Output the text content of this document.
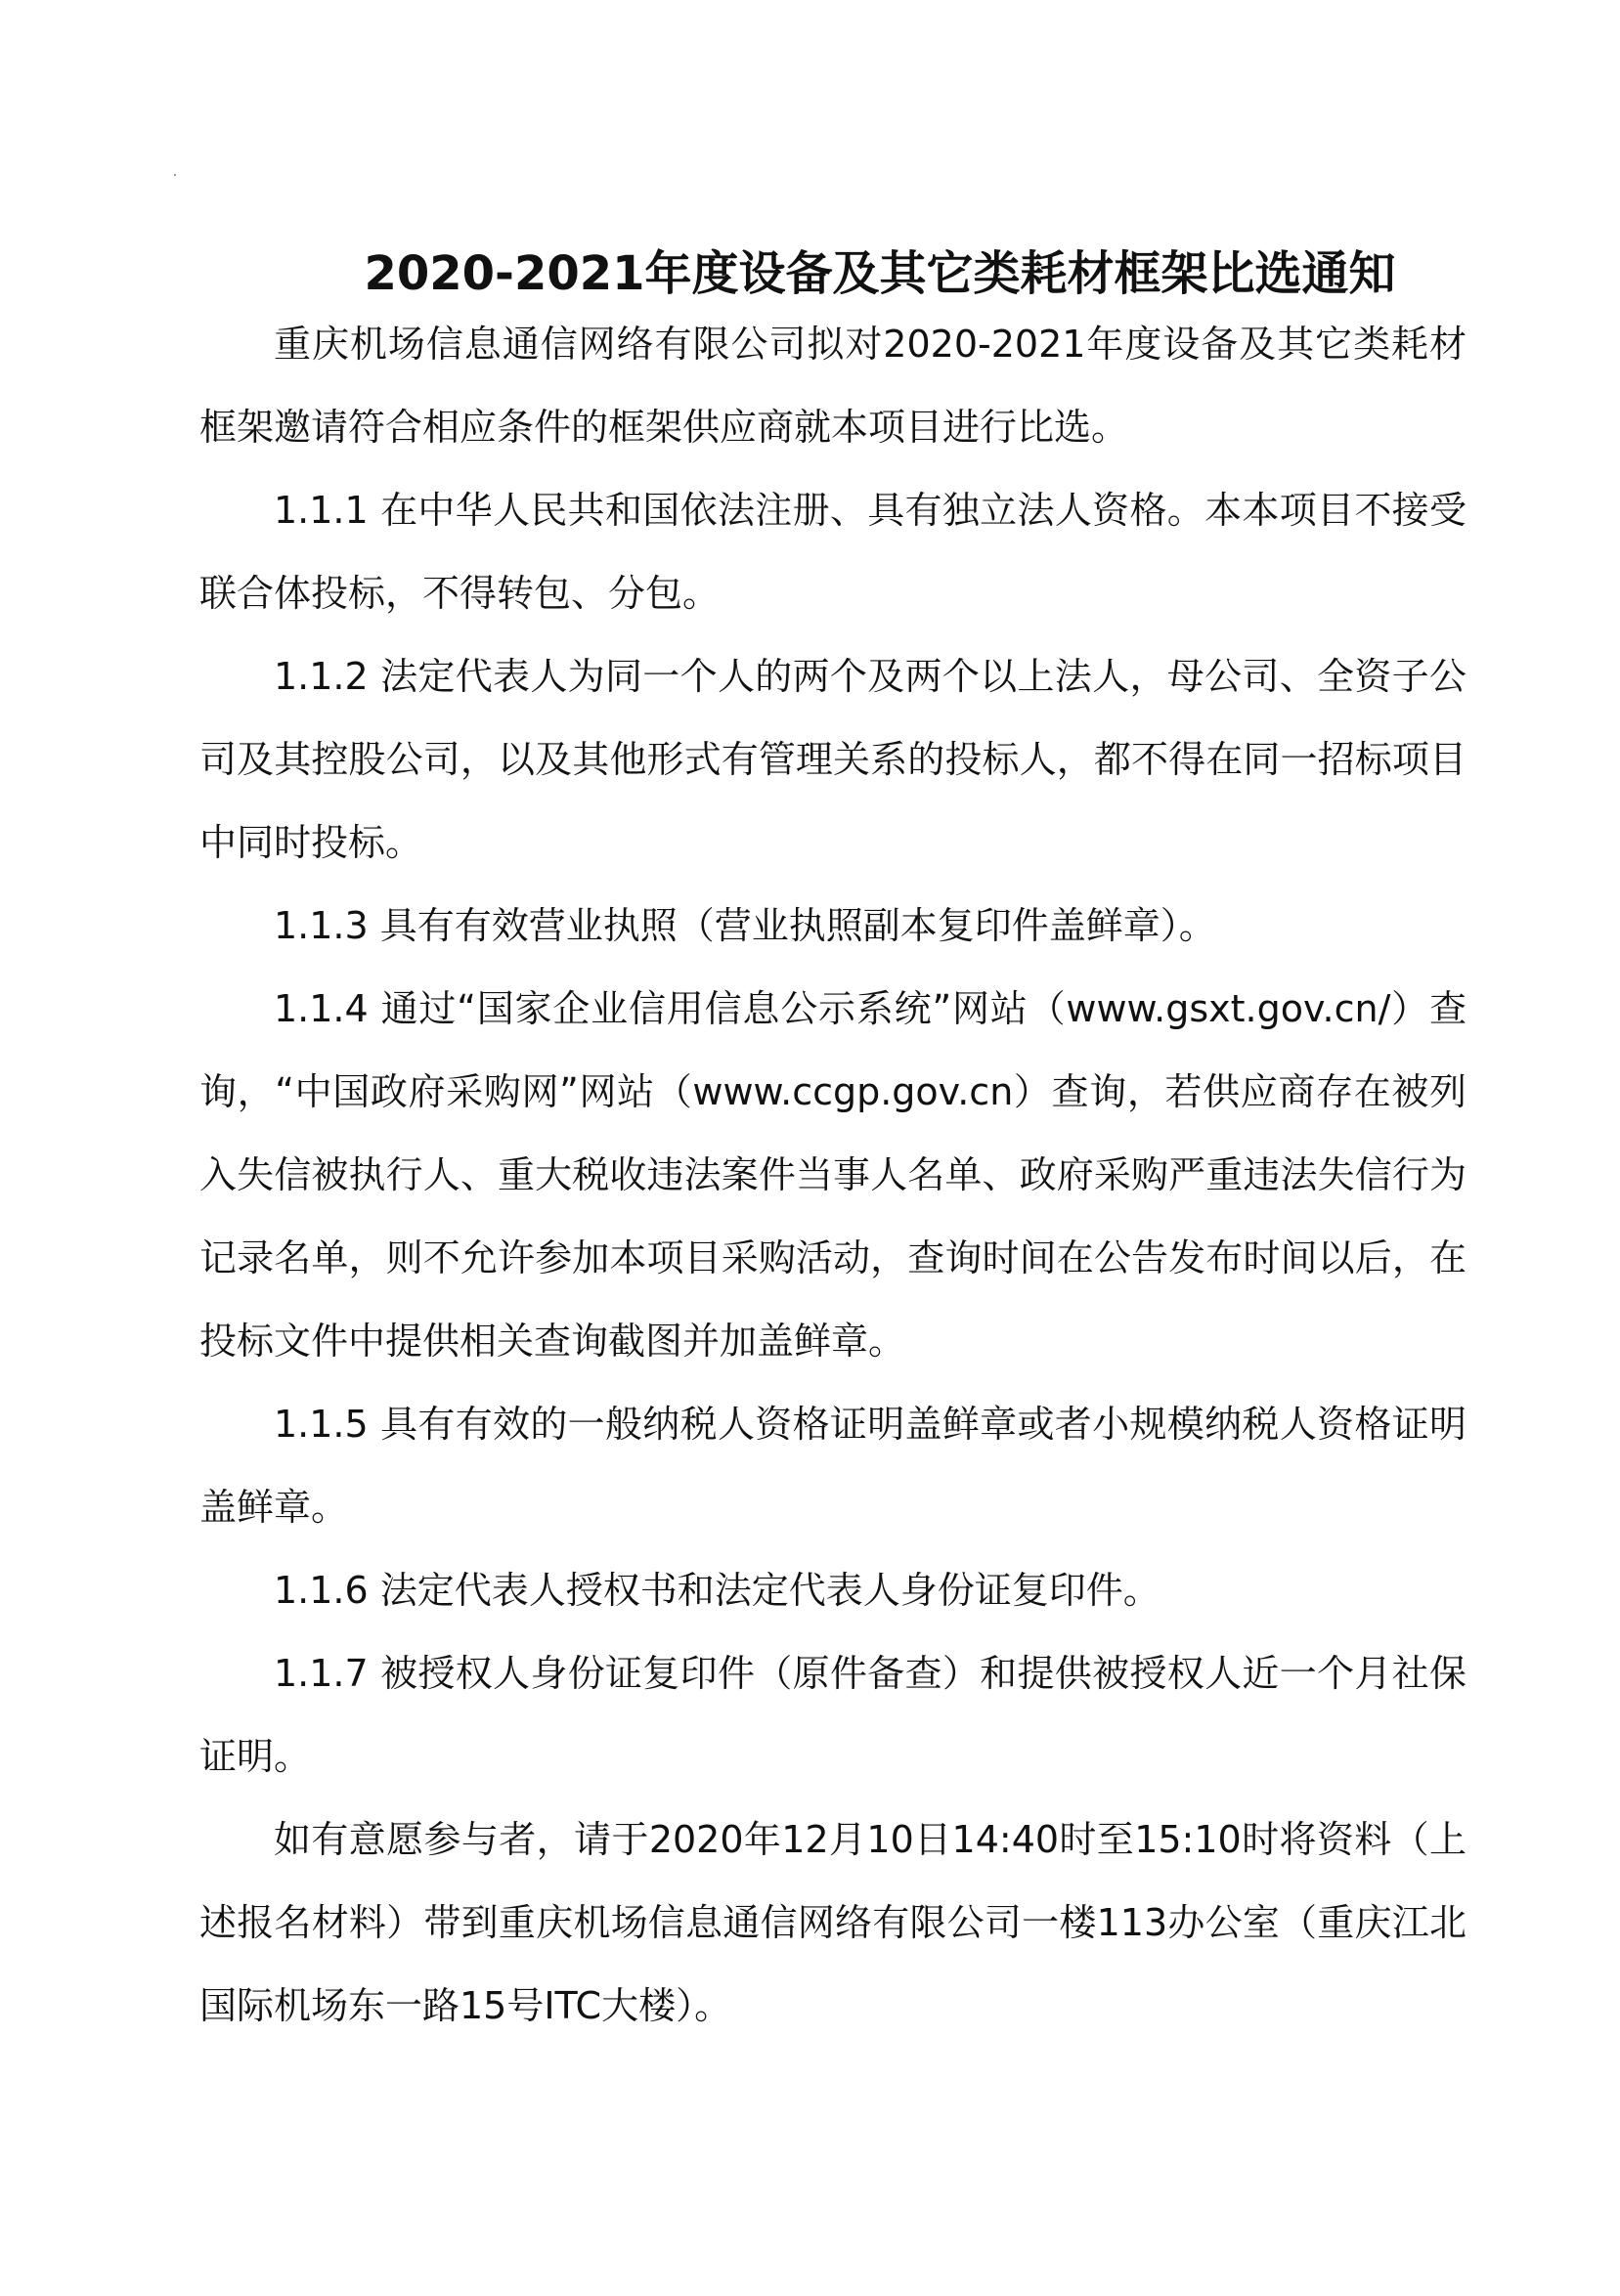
2020-2021年度设备及其它类耗材框架比选通知

重庆机场信息通信网络有限公司拟对2020-2021年度设备及其它类耗材框架邀请符合相应条件的框架供应商就本项目进行比选。

1.1.1 在中华人民共和国依法注册、具有独立法人资格。本本项目不接受联合体投标，不得转包、分包。

1.1.2 法定代表人为同一个人的两个及两个以上法人，母公司、全资子公司及其控股公司，以及其他形式有管理关系的投标人，都不得在同一招标项目中同时投标。

1.1.3 具有有效营业执照（营业执照副本复印件盖鲜章）。

1.1.4 通过“国家企业信用信息公示系统”网站（www.gsxt.gov.cn/）查询，“中国政府采购网”网站（www.ccgp.gov.cn）查询，若供应商存在被列入失信被执行人、重大税收违法案件当事人名单、政府采购严重违法失信行为记录名单，则不允许参加本项目采购活动，查询时间在公告发布时间以后，在投标文件中提供相关查询截图并加盖鲜章。

1.1.5 具有有效的一般纳税人资格证明盖鲜章或者小规模纳税人资格证明盖鲜章。

1.1.6 法定代表人授权书和法定代表人身份证复印件。

1.1.7 被授权人身份证复印件（原件备查）和提供被授权人近一个月社保证明。

如有意愿参与者，请于2020年12月10日14:40时至15:10时将资料（上述报名材料）带到重庆机场信息通信网络有限公司一楼113办公室（重庆江北国际机场东一路15号ITC大楼）。
